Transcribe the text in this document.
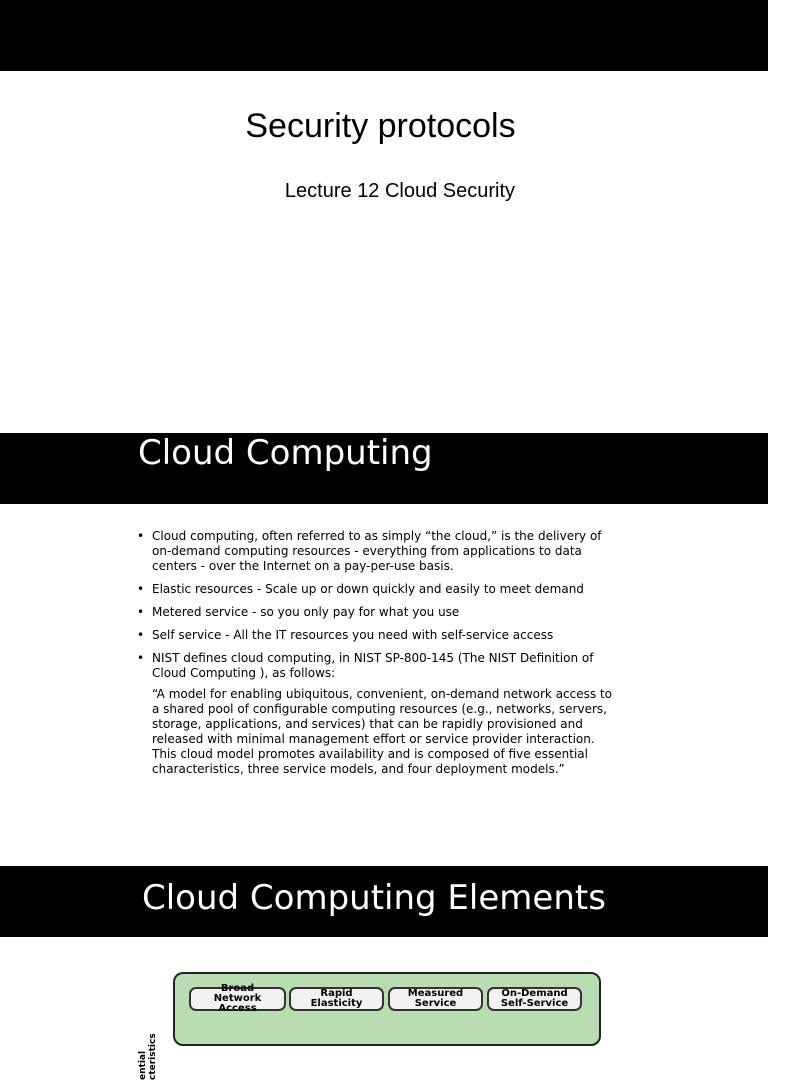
Security protocols
Lecture 12 Cloud Security
Cloud Computing
• Cloud computing, often referred to as simply “the cloud,” is the delivery of on-demand computing resources - everything from applications to data centers - over the Internet on a pay-per-use basis.
• Elastic resources - Scale up or down quickly and easily to meet demand
• Metered service - so you only pay for what you use
• Self service - All the IT resources you need with self-service access
• NIST defines cloud computing, in NIST SP-800-145 (The NIST Definition of Cloud Computing ), as follows:
“A model for enabling ubiquitous, convenient, on-demand network access to a shared pool of configurable computing resources (e.g., networks, servers, storage, applications, and services) that can be rapidly provisioned and released with minimal management effort or service provider interaction. This cloud model promotes availability and is composed of five essential characteristics, three service models, and four deployment models.”
Cloud Computing Elements
ential cteristics
Broad
Network Access
Rapid
Elasticity
Measured
Service
On-Demand
Self-Service
